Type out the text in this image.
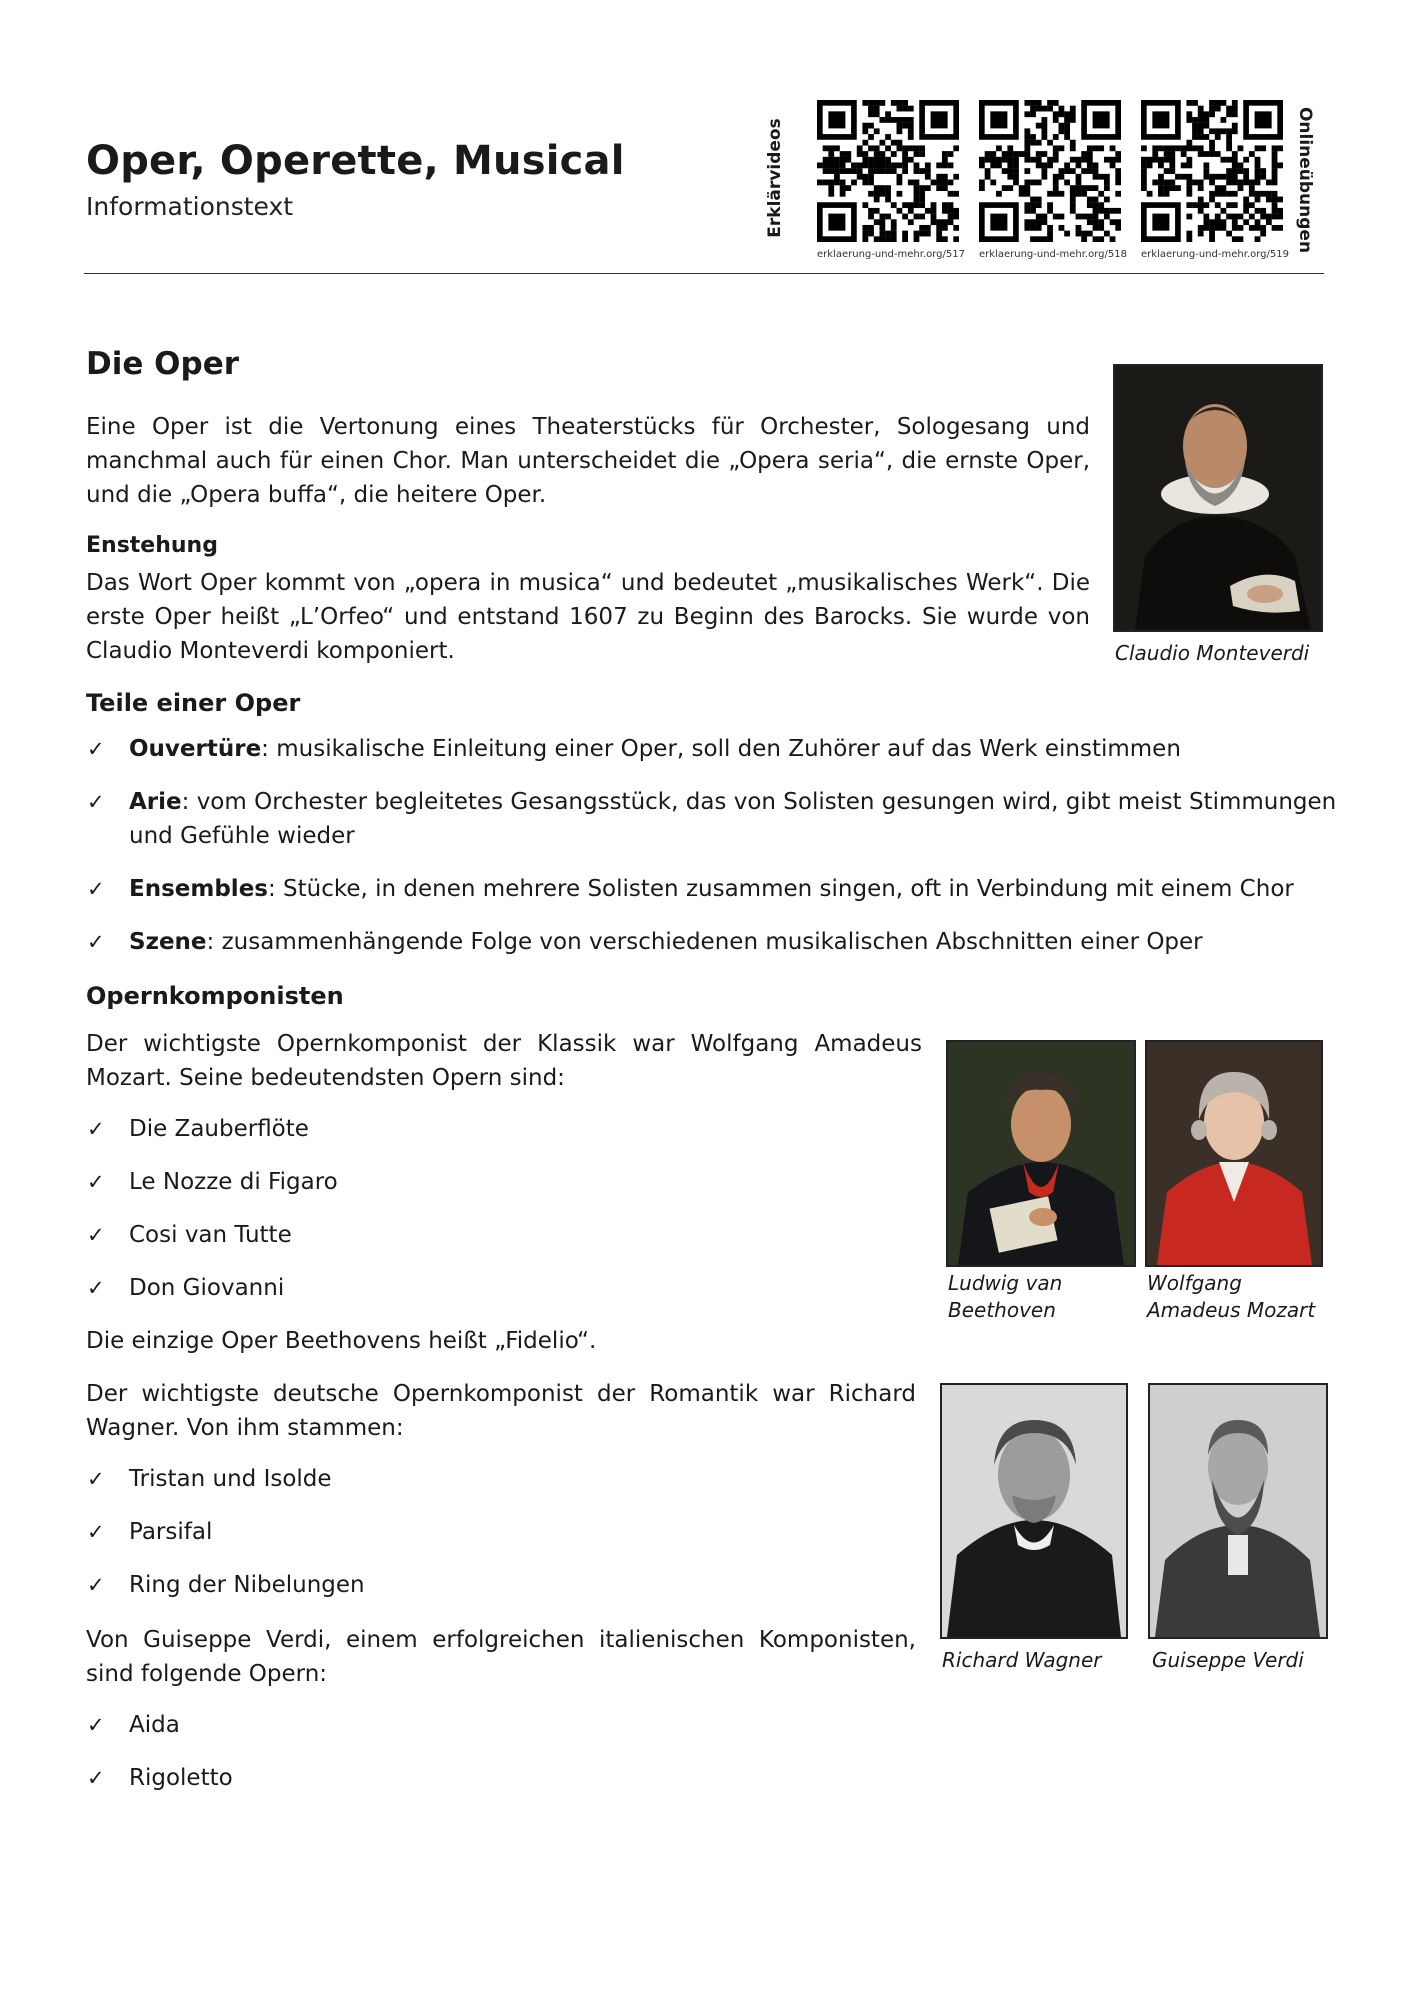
Oper, Operette, Musical
Informationstext	Erklärvideos	Onlineübungen
erklaerung-und-mehr.org/517	erklaerung-und-mehr.org/518	erklaerung-und-mehr.org/519
Die Oper

Eine Oper ist die Vertonung eines Theaterstücks für Orchester, Sologesang und manchmal auch für einen Chor. Man unterscheidet die „Opera seria“, die ernste Oper, und die „Opera buffa“, die heitere Oper.

Enstehung

Das Wort Oper kommt von „opera in musica“ und bedeutet „musikalisches Werk“. Die erste Oper heißt „L’Orfeo“ und entstand 1607 zu Beginn des Barocks. Sie wurde von Claudio Monteverdi komponiert.	Claudio Monteverdi
Teile einer Oper
✓ Ouvertüre: musikalische Einleitung einer Oper, soll den Zuhörer auf das Werk einstimmen
✓ Arie: vom Orchester begleitetes Gesangsstück, das von Solisten gesungen wird, gibt meist Stimmungen und Gefühle wieder
✓ Ensembles: Stücke, in denen mehrere Solisten zusammen singen, oft in Verbindung mit einem Chor
✓ Szene: zusammenhängende Folge von verschiedenen musikalischen Abschnitten einer Oper
Opernkomponisten

Der wichtigste Opernkomponist der Klassik war Wolfgang Amadeus Mozart. Seine bedeutendsten Opern sind:

✓ Die Zauberflöte
✓ Le Nozze di Figaro
✓ Cosi van Tutte
✓ Don Giovanni

Die einzige Oper Beethovens heißt „Fidelio“.

Der wichtigste deutsche Opernkomponist der Romantik war Richard Wagner. Von ihm stammen:

✓ Tristan und Isolde
✓ Parsifal
✓ Ring der Nibelungen

Von Guiseppe Verdi, einem erfolgreichen italienischen Komponisten, sind folgende Opern:

✓ Aida
✓ Rigoletto
Ludwig van
Beethoven
Wolfgang
Amadeus Mozart
Richard Wagner	Guiseppe Verdi
